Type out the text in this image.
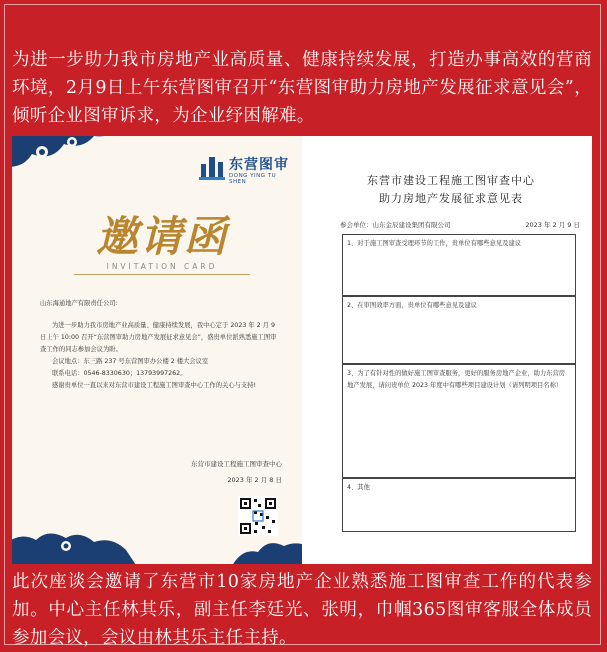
为进一步助力我市房地产业高质量、健康持续发展，打造办事高效的营商环境，2月9日上午东营图审召开“东营图审助力房地产发展征求意见会”，倾听企业图审诉求，为企业纾困解难。
东营图审
DONG YING TU SHEN
邀请函
INVITATION CARD

山东海通地产有限责任公司:

为进一步助力我市房地产业高质量、健康持续发展，我中心定于 2023 年 2 月 9 日上午 10:00 召开“东营图审助力房地产发展征求意见会”，盛贵单位派熟悉施工图审查工作的同志参加会议为盼。

会议地点：东三路 237 号东营图审办公楼 2 楼大会议室

联系电话：0546-8330630；13793997262。

感谢贵单位一直以来对东营市建设工程施工图审查中心工作的关心与支持!

东营市建设工程施工图审查中心
2023 年 2 月 8 日
东营市建设工程施工图审查中心
助力房地产发展征求意见表
参会单位：山东金辰建设集团有限公司	2023 年 2 月 9 日
1、对于施工图审查受理环节的工作，贵单位有哪些意见及建议
2、在审图效率方面，贵单位有哪些意见及建议
3、为了有针对性的做好施工图审查服务，更好的服务房地产企业，助力东营房地产发展，请问贵单位 2023 年度中有哪些项目建设计划（请列明项目名称）
4、其他
此次座谈会邀请了东营市10家房地产企业熟悉施工图审查工作的代表参加。中心主任林其乐，副主任李廷光、张明，巾帼365图审客服全体成员参加会议，会议由林其乐主任主持。
